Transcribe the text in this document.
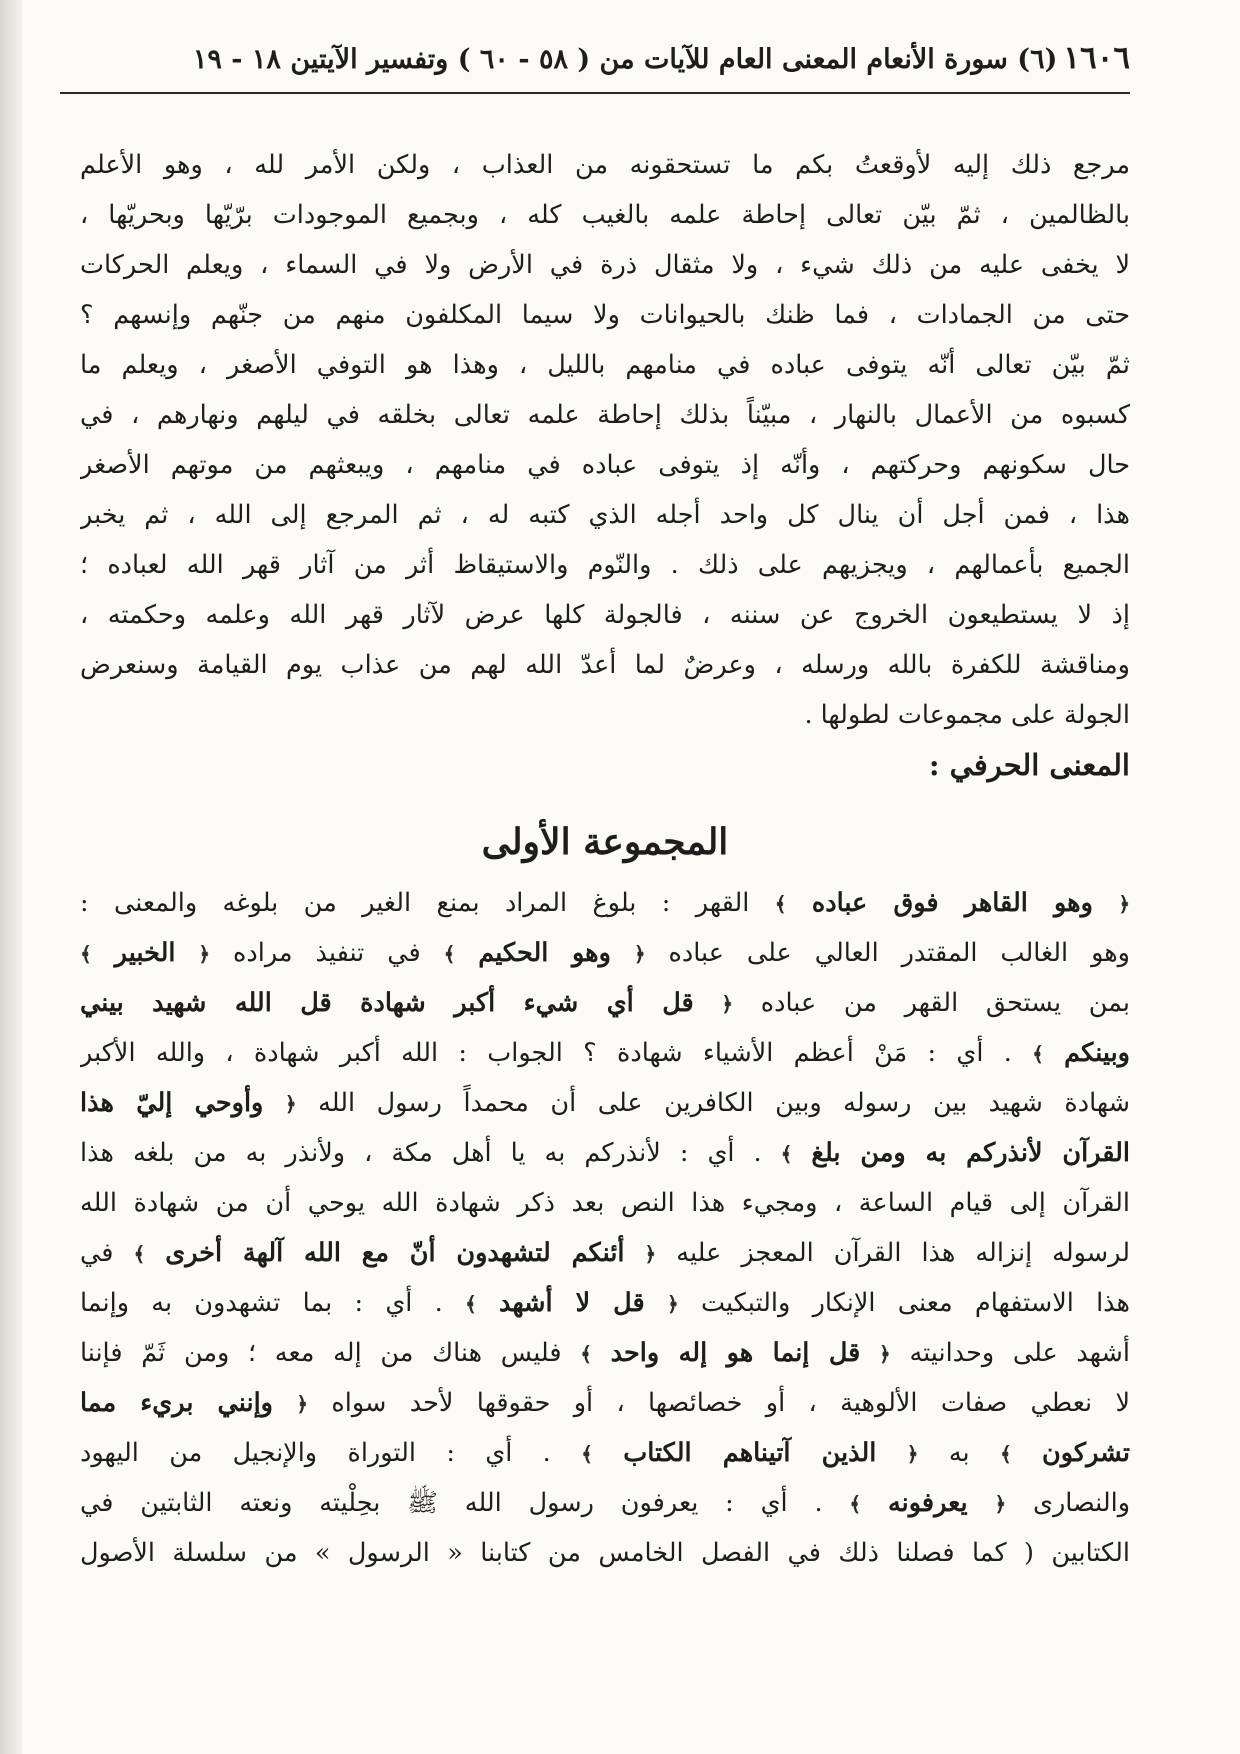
١٦٠٦(٦) سورة الأنعام المعنى العام للآيات من ( ٥٨ - ٦٠ ) وتفسير الآيتين ١٨ - ١٩
مرجع ذلك إليه لأوقعتُ بكم ما تستحقونه من العذاب ، ولكن الأمر لله ، وهو الأعلم
بالظالمين ، ثمّ بيّن تعالى إحاطة علمه بالغيب كله ، وبجميع الموجودات برّيّها وبحريّها ،
لا يخفى عليه من ذلك شيء ، ولا مثقال ذرة في الأرض ولا في السماء ، ويعلم الحركات
حتى من الجمادات ، فما ظنك بالحيوانات ولا سيما المكلفون منهم من جنّهم وإنسهم ؟
ثمّ بيّن تعالى أنّه يتوفى عباده في منامهم بالليل ، وهذا هو التوفي الأصغر ، ويعلم ما
كسبوه من الأعمال بالنهار ، مبيّناً بذلك إحاطة علمه تعالى بخلقه في ليلهم ونهارهم ، في
حال سكونهم وحركتهم ، وأنّه إذ يتوفى عباده في منامهم ، ويبعثهم من موتهم الأصغر
هذا ، فمن أجل أن ينال كل واحد أجله الذي كتبه له ، ثم المرجع إلى الله ، ثم يخبر
الجميع بأعمالهم ، ويجزيهم على ذلك . والنّوم والاستيقاظ أثر من آثار قهر الله لعباده ؛
إذ لا يستطيعون الخروج عن سننه ، فالجولة كلها عرض لآثار قهر الله وعلمه وحكمته ،
ومناقشة للكفرة بالله ورسله ، وعرضٌ لما أعدّ الله لهم من عذاب يوم القيامة وسنعرض
الجولة على مجموعات لطولها .
المعنى الحرفي :
المجموعة الأولى
﴿ وهو القاهر فوق عباده ﴾ القهر : بلوغ المراد بمنع الغير من بلوغه والمعنى :
وهو الغالب المقتدر العالي على عباده ﴿ وهو الحكيم ﴾ في تنفيذ مراده ﴿ الخبير ﴾
بمن يستحق القهر من عباده ﴿ قل أي شيء أكبر شهادة قل الله شهيد بيني
وبينكم ﴾ . أي : مَنْ أعظم الأشياء شهادة ؟ الجواب : الله أكبر شهادة ، والله الأكبر
شهادة شهيد بين رسوله وبين الكافرين على أن محمداً رسول الله ﴿ وأوحي إليّ هذا
القرآن لأنذركم به ومن بلغ ﴾ . أي : لأنذركم به يا أهل مكة ، ولأنذر به من بلغه هذا
القرآن إلى قيام الساعة ، ومجيء هذا النص بعد ذكر شهادة الله يوحي أن من شهادة الله
لرسوله إنزاله هذا القرآن المعجز عليه ﴿ أئنكم لتشهدون أنّ مع الله آلهة أخرى ﴾ في
هذا الاستفهام معنى الإنكار والتبكيت ﴿ قل لا أشهد ﴾ . أي : بما تشهدون به وإنما
أشهد على وحدانيته ﴿ قل إنما هو إله واحد ﴾ فليس هناك من إله معه ؛ ومن ثَمّ فإننا
لا نعطي صفات الألوهية ، أو خصائصها ، أو حقوقها لأحد سواه ﴿ وإنني بريء مما
تشركون ﴾ به ﴿ الذين آتيناهم الكتاب ﴾ . أي : التوراة والإنجيل من اليهود
والنصارى ﴿ يعرفونه ﴾ . أي : يعرفون رسول الله ﷺ بحِلْيته ونعته الثابتين في
الكتابين ( كما فصلنا ذلك في الفصل الخامس من كتابنا « الرسول » من سلسلة الأصول
